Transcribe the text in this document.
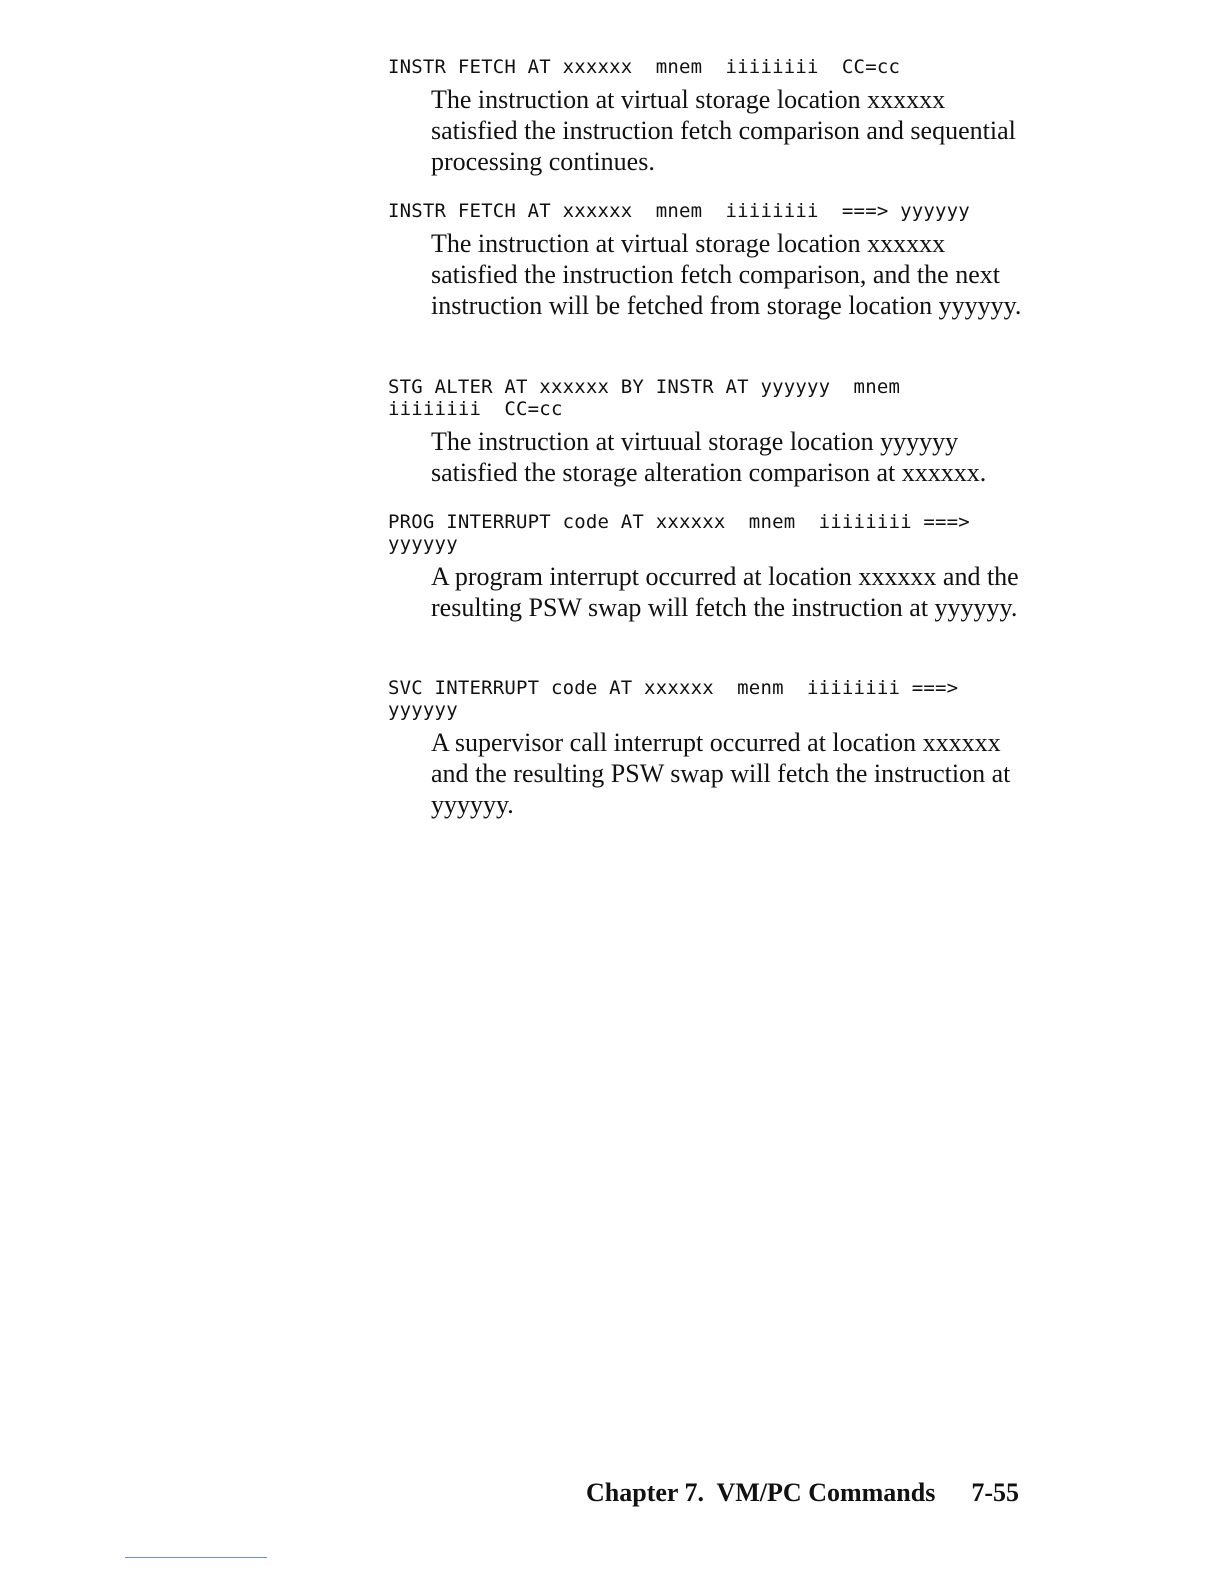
INSTR FETCH AT xxxxxx  mnem  iiiiiiii  CC=cc

The instruction at virtual storage location xxxxxx satisfied the instruction fetch comparison and sequential processing continues.

INSTR FETCH AT xxxxxx  mnem  iiiiiiii  ===> yyyyyy

The instruction at virtual storage location xxxxxx satisfied the instruction fetch comparison, and the next instruction will be fetched from storage location yyyyyy.

STG ALTER AT xxxxxx BY INSTR AT yyyyyy  mnem
iiiiiiii  CC=cc

The instruction at virtuual storage location yyyyyy satisfied the storage alteration comparison at xxxxxx.

PROG INTERRUPT code AT xxxxxx  mnem  iiiiiiii ===>
yyyyyy

A program interrupt occurred at location xxxxxx and the resulting PSW swap will fetch the instruction at yyyyyy.

SVC INTERRUPT code AT xxxxxx  menm  iiiiiiii ===>
yyyyyy

A supervisor call interrupt occurred at location xxxxxx and the resulting PSW swap will fetch the instruction at yyyyyy.

Chapter 7.  VM/PC Commands 7-55
